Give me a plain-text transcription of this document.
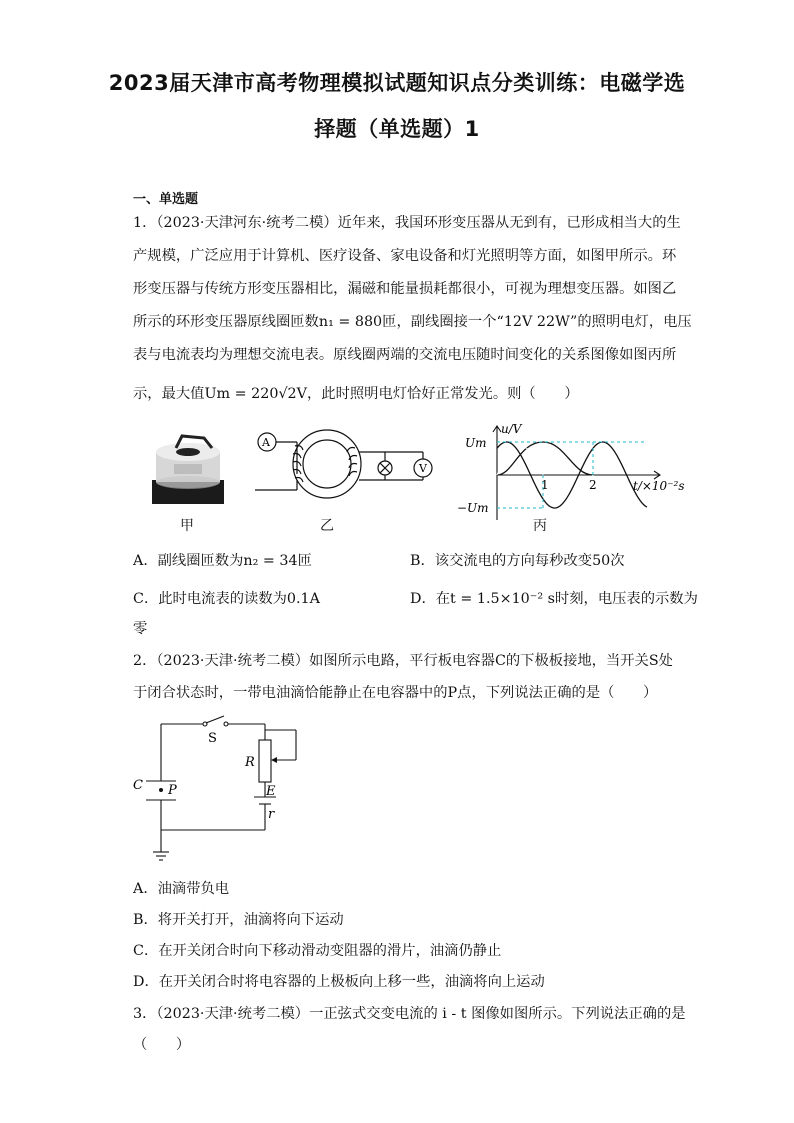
2023届天津市高考物理模拟试题知识点分类训练：电磁学选
择题（单选题）1
一、单选题
1．（2023·天津河东·统考二模）近年来，我国环形变压器从无到有，已形成相当大的生
产规模，广泛应用于计算机、医疗设备、家电设备和灯光照明等方面，如图甲所示。环
形变压器与传统方形变压器相比，漏磁和能量损耗都很小，可视为理想变压器。如图乙
所示的环形变压器原线圈匝数n₁ = 880匝，副线圈接一个“12V 22W”的照明电灯，电压
表与电流表均为理想交流电表。原线圈两端的交流电压随时间变化的关系图像如图丙所
示，最大值Um = 220√2V，此时照明电灯恰好正常发光。则（　　）
甲
A
V
乙
Um
−Um
u/V
t/×10⁻²s
1	2
丙
A．副线圈匝数为n₂ = 34匝	B．该交流电的方向每秒改变50次
C．此时电流表的读数为0.1A	D．在t = 1.5×10⁻² s时刻，电压表的示数为
零
2．（2023·天津·统考二模）如图所示电路，平行板电容器C的下极板接地，当开关S处
于闭合状态时，一带电油滴恰能静止在电容器中的P点，下列说法正确的是（　　）
S
R
C P	E
r
A．油滴带负电
B．将开关打开，油滴将向下运动
C．在开关闭合时向下移动滑动变阻器的滑片，油滴仍静止
D．在开关闭合时将电容器的上极板向上移一些，油滴将向上运动
3．（2023·天津·统考二模）一正弦式交变电流的 i - t 图像如图所示。下列说法正确的是
（　　）
